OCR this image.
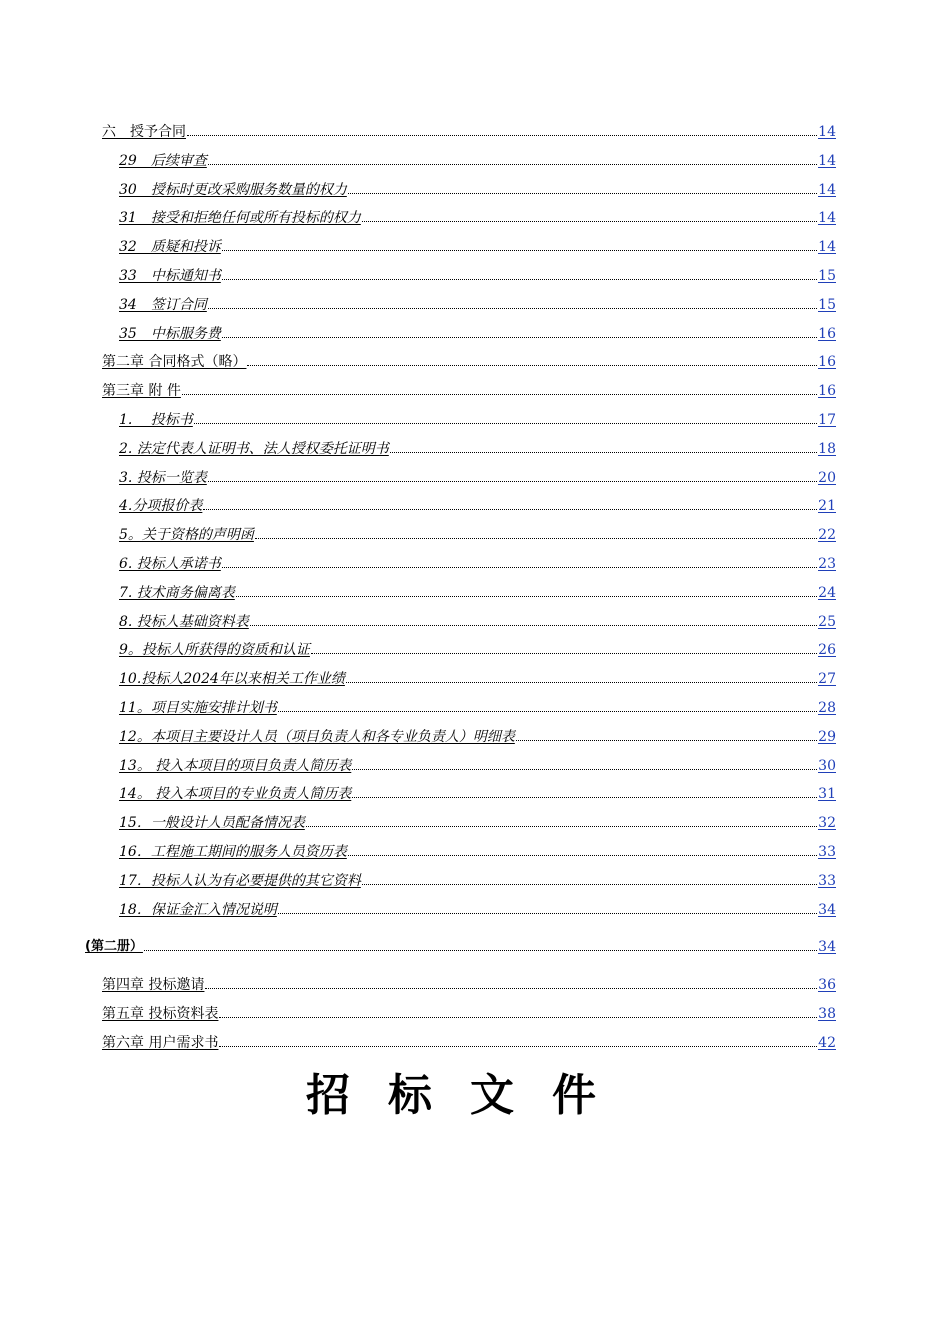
六　授予合同	14
29　后续审查	14
30　授标时更改采购服务数量的权力	14
31　接受和拒绝任何或所有投标的权力	14
32　质疑和投诉	14
33　中标通知书	15
34　签订合同	15
35　中标服务费	16
第二章 合同格式（略）	16
第三章 附 件	16
1.　 投标书	17
2. 法定代表人证明书、法人授权委托证明书	18
3. 投标一览表	20
4.分项报价表	21
5。关于资格的声明函	22
6. 投标人承诺书	23
7. 技术商务偏离表	24
8. 投标人基础资料表	25
9。投标人所获得的资质和认证	26
10.投标人2024年以来相关工作业绩	27
11。项目实施安排计划书	28
12。本项目主要设计人员（项目负责人和各专业负责人）明细表	29
13。 投入本项目的项目负责人简历表	30
14。 投入本项目的专业负责人简历表	31
15．一般设计人员配备情况表	32
16．工程施工期间的服务人员资历表	33
17．投标人认为有必要提供的其它资料	33
18．保证金汇入情况说明	34
(第二册）	34
第四章 投标邀请	36
第五章 投标资料表	38
第六章 用户需求书	42
招标文件
